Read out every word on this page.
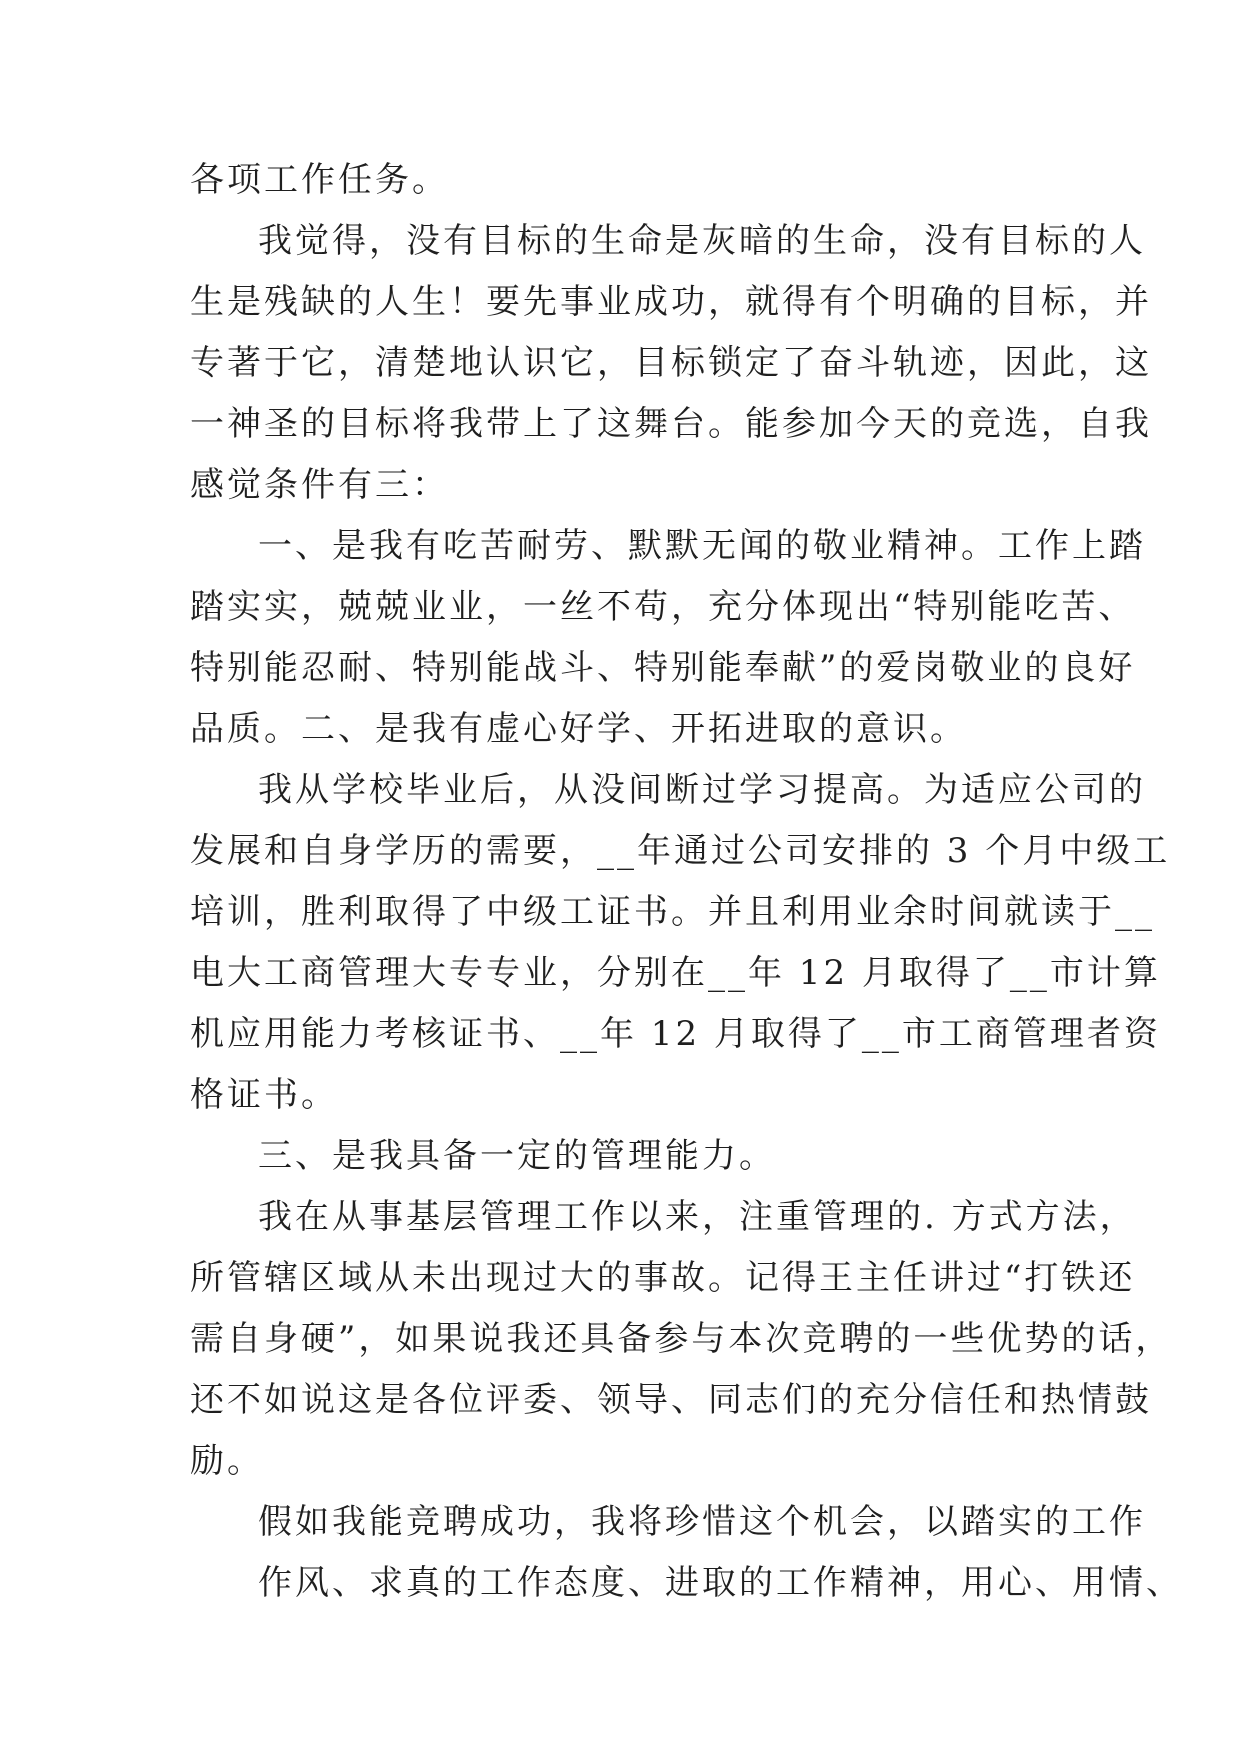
各项工作任务。
我觉得，没有目标的生命是灰暗的生命，没有目标的人
生是残缺的人生！要先事业成功，就得有个明确的目标，并
专著于它，清楚地认识它，目标锁定了奋斗轨迹，因此，这
一神圣的目标将我带上了这舞台。能参加今天的竞选，自我
感觉条件有三：
一、是我有吃苦耐劳、默默无闻的敬业精神。工作上踏
踏实实，兢兢业业，一丝不苟，充分体现出“特别能吃苦、
特别能忍耐、特别能战斗、特别能奉献”的爱岗敬业的良好
品质。二、是我有虚心好学、开拓进取的意识。
我从学校毕业后，从没间断过学习提高。为适应公司的
发展和自身学历的需要，__年通过公司安排的 3 个月中级工
培训，胜利取得了中级工证书。并且利用业余时间就读于__
电大工商管理大专专业，分别在__年 12 月取得了__市计算
机应用能力考核证书、__年 12 月取得了__市工商管理者资
格证书。
三、是我具备一定的管理能力。
我在从事基层管理工作以来，注重管理的. 方式方法，
所管辖区域从未出现过大的事故。记得王主任讲过“打铁还
需自身硬”，如果说我还具备参与本次竞聘的一些优势的话，
还不如说这是各位评委、领导、同志们的充分信任和热情鼓
励。
假如我能竞聘成功，我将珍惜这个机会，以踏实的工作
作风、求真的工作态度、进取的工作精神，用心、用情、
